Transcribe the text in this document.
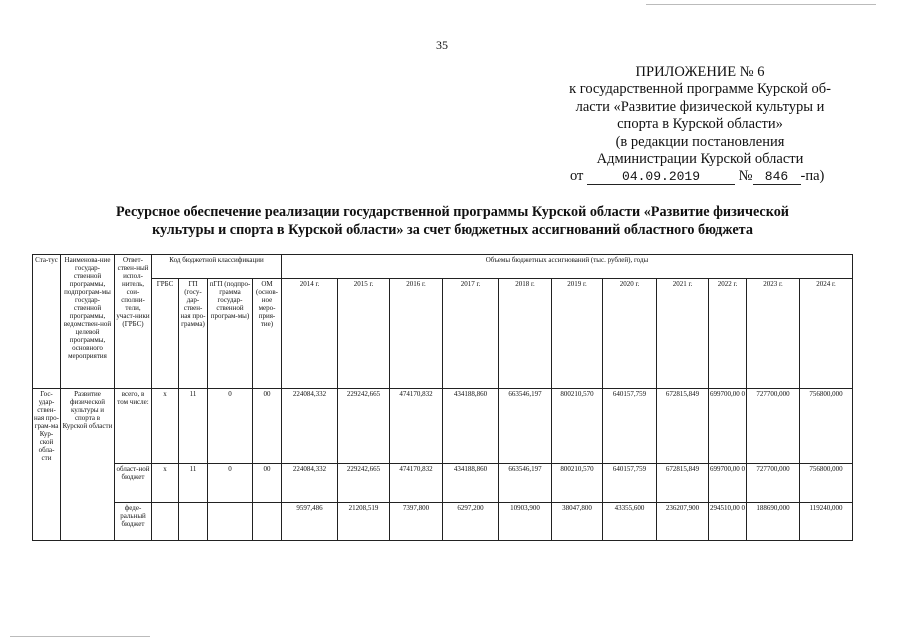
35
ПРИЛОЖЕНИЕ № 6
к государственной программе Курской об-
ласти «Развитие физической культуры и
спорта в Курской области»
(в редакции постановления
Администрации Курской области
от	04.09.2019	№ 846 -па)
Ресурсное обеспечение реализации государственной программы Курской области «Развитие физической
культуры и спорта в Курской области» за счет бюджетных ассигнований областного бюджета
Ста-тус	Наименова-ние государ-ственной программы, подпрограм-мы государ-ственной программы, ведомствен-ной целевой программы, основного мероприятия	Ответ-ствен-ный испол-нитель, сои-сполни-тели, участ-ники (ГРБС)	Код бюджетной классификации				Объемы бюджетных ассигнований (тыс. рублей), годы										
			ГРБС	ГП (госу-дар-ствен-ная про-грамма)	пГП (подпро-грамма государ-ственной програм-мы)	ОМ (основ-ное меро-прия-тие)	2014 г.	2015 г.	2016 г.	2017 г.	2018 г.	2019 г.	2020 г.	2021 г.	2022 г.	2023 г.	2024 г.
Гос-удар-ствен-ная про-грам-ма Кур-ской обла-сти	Развитие физической культуры и спорта в Курской области	всего, в том числе:	х	11	0	00	224084,332	229242,665	474170,832	434188,860	663546,197	800210,570	640157,759	672815,849	699700,00 0	727700,000	756800,000
		област-ной бюджет	х	11	0	00	224084,332	229242,665	474170,832	434188,860	663546,197	800210,570	640157,759	672815,849	699700,00 0	727700,000	756800,000
		феде-ральный бюджет					9597,486	21208,519	7397,800	6297,200	10903,900	38047,800	43355,600	236207,900	294510,00 0	188690,000	119240,000
